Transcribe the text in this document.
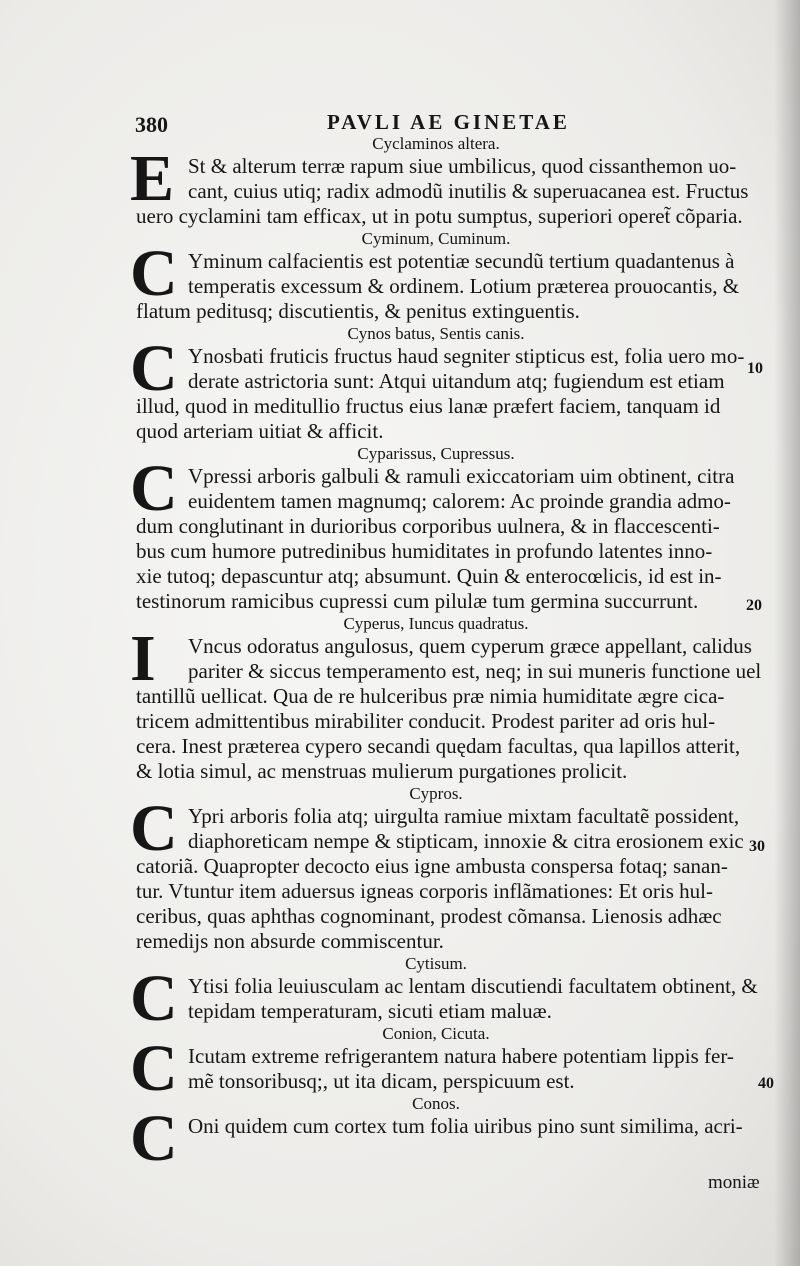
380	PAVLI AE GINETAE
Cyclaminos altera.
E St & alterum terræ rapum siue umbilicus, quod cissanthemon uo-
cant, cuius utiq; radix admodũ inutilis & superuacanea est. Fructus
uero cyclamini tam efficax, ut in potu sumptus, superiori operet̃ cõparia.
Cyminum, Cuminum.
C Yminum calfacientis est potentiæ secundũ tertium quadantenus à
temperatis excessum & ordinem. Lotium præterea prouocantis, &
flatum peditusq; discutientis, & penitus extinguentis.
Cynos batus, Sentis canis.
C Ynosbati fruticis fructus haud segniter stipticus est, folia uero mo-
derate astrictoria sunt: Atqui uitandum atq; fugiendum est etiam
illud, quod in meditullio fructus eius lanæ præfert faciem, tanquam id
quod arteriam uitiat & afficit.
Cyparissus, Cupressus.
C Vpressi arboris galbuli & ramuli exiccatoriam uim obtinent, citra
euidentem tamen magnumq; calorem: Ac proinde grandia admo-
dum conglutinant in durioribus corporibus uulnera, & in flaccescenti-
bus cum humore putredinibus humiditates in profundo latentes inno-
xie tutoq; depascuntur atq; absumunt. Quin & enterocœlicis, id est in-
testinorum ramicibus cupressi cum pilulæ tum germina succurrunt.
Cyperus, Iuncus quadratus.
I	Vncus odoratus angulosus, quem cyperum græce appellant, calidus
pariter & siccus temperamento est, neq; in sui muneris functione uel
tantillũ uellicat. Qua de re hulceribus præ nimia humiditate ægre cica-
tricem admittentibus mirabiliter conducit. Prodest pariter ad oris hul-
cera. Inest præterea cypero secandi quędam facultas, qua lapillos atterit,
& lotia simul, ac menstruas mulierum purgationes prolicit.
Cypros.
C Ypri arboris folia atq; uirgulta ramiue mixtam facultatẽ possident,
diaphoreticam nempe & stipticam, innoxie & citra erosionem exic
catoriã. Quapropter decocto eius igne ambusta conspersa fotaq; sanan-
tur. Vtuntur item aduersus igneas corporis inflãmationes: Et oris hul-
ceribus, quas aphthas cognominant, prodest cõmansa. Lienosis adhæc
remedijs non absurde commiscentur.
Cytisum.
C Ytisi folia leuiusculam ac lentam discutiendi facultatem obtinent, &
tepidam temperaturam, sicuti etiam maluæ.
Conion, Cicuta.
C Icutam extreme refrigerantem natura habere potentiam lippis fer-
mẽ tonsoribusq;, ut ita dicam, perspicuum est.
Conos.
C Oni quidem cum cortex tum folia uiribus pino sunt similima, acri-
moniæ
10
20
30
40
